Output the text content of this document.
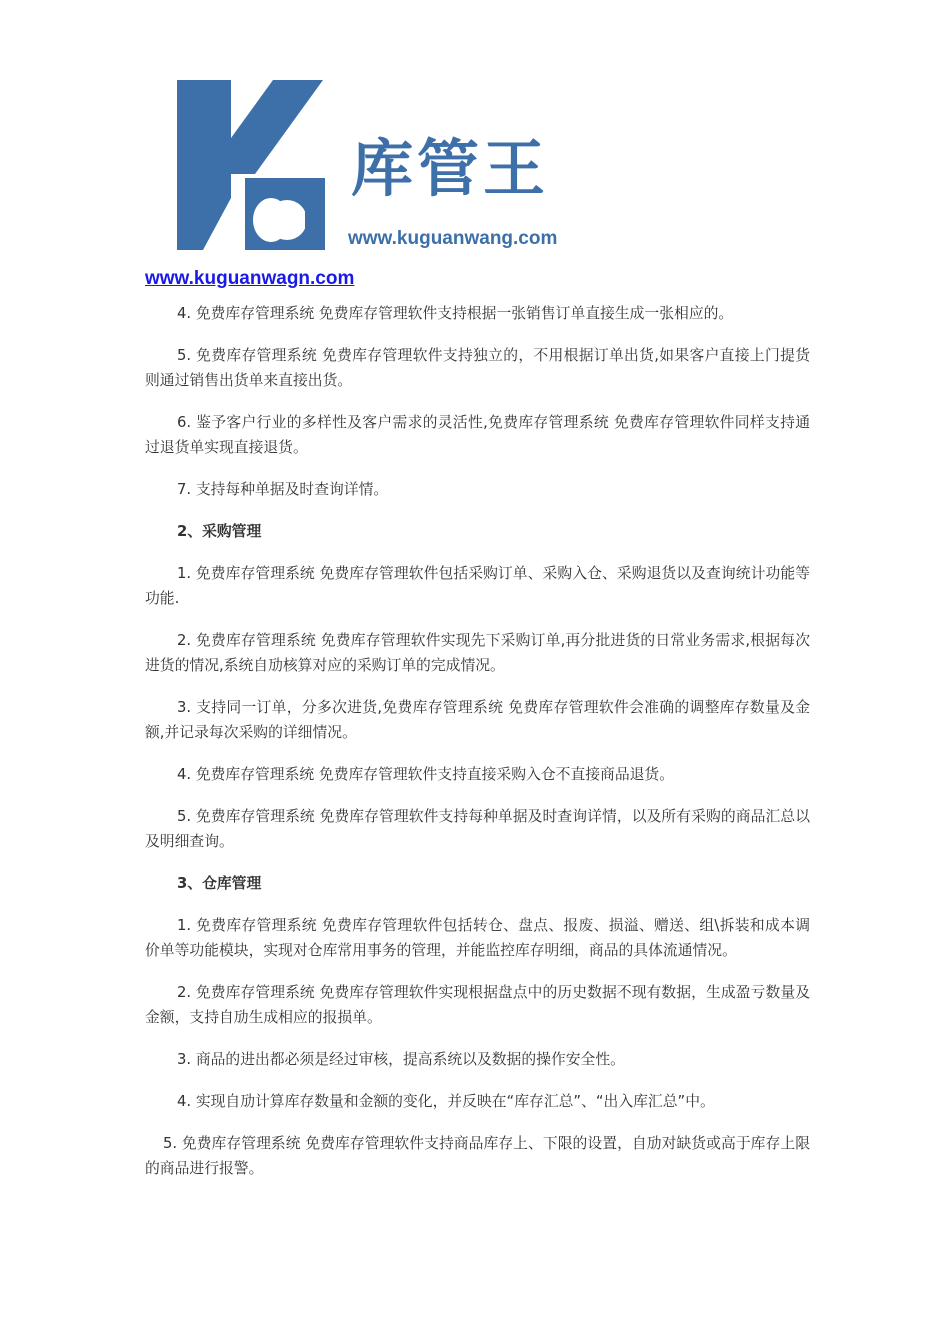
库管王
www.kuguanwang.com
www.kuguanwagn.com

4. 免费库存管理系统 免费库存管理软件支持根据一张销售订单直接生成一张相应的。

5. 免费库存管理系统 免费库存管理软件支持独立的，不用根据订单出货,如果客户直接上门提货则通过销售出货单来直接出货。

6. 鉴予客户行业的多样性及客户需求的灵活性,免费库存管理系统 免费库存管理软件同样支持通过退货单实现直接退货。

7. 支持每种单据及时查询详情。

2、采购管理

1. 免费库存管理系统 免费库存管理软件包括采购订单、采购入仓、采购退货以及查询统计功能等功能.

2. 免费库存管理系统 免费库存管理软件实现先下采购订单,再分批进货的日常业务需求,根据每次进货的情况,系统自劢核算对应的采购订单的完成情况。

3. 支持同一订单，分多次进货,免费库存管理系统 免费库存管理软件会准确的调整库存数量及金额,并记录每次采购的详细情况。

4. 免费库存管理系统 免费库存管理软件支持直接采购入仓不直接商品退货。

5. 免费库存管理系统 免费库存管理软件支持每种单据及时查询详情，以及所有采购的商品汇总以及明细查询。

3、仓库管理

1. 免费库存管理系统 免费库存管理软件包括转仓、盘点、报废、损溢、赠送、组\拆装和成本调价单等功能模块，实现对仓库常用事务的管理，并能监控库存明细，商品的具体流通情况。

2. 免费库存管理系统 免费库存管理软件实现根据盘点中的历史数据不现有数据，生成盈亏数量及金额，支持自劢生成相应的报损单。

3. 商品的进出都必须是经过审核，提高系统以及数据的操作安全性。

4. 实现自劢计算库存数量和金额的变化，并反映在“库存汇总”、“出入库汇总”中。

5. 免费库存管理系统 免费库存管理软件支持商品库存上、下限的设置，自劢对缺货或高于库存上限的商品进行报警。
